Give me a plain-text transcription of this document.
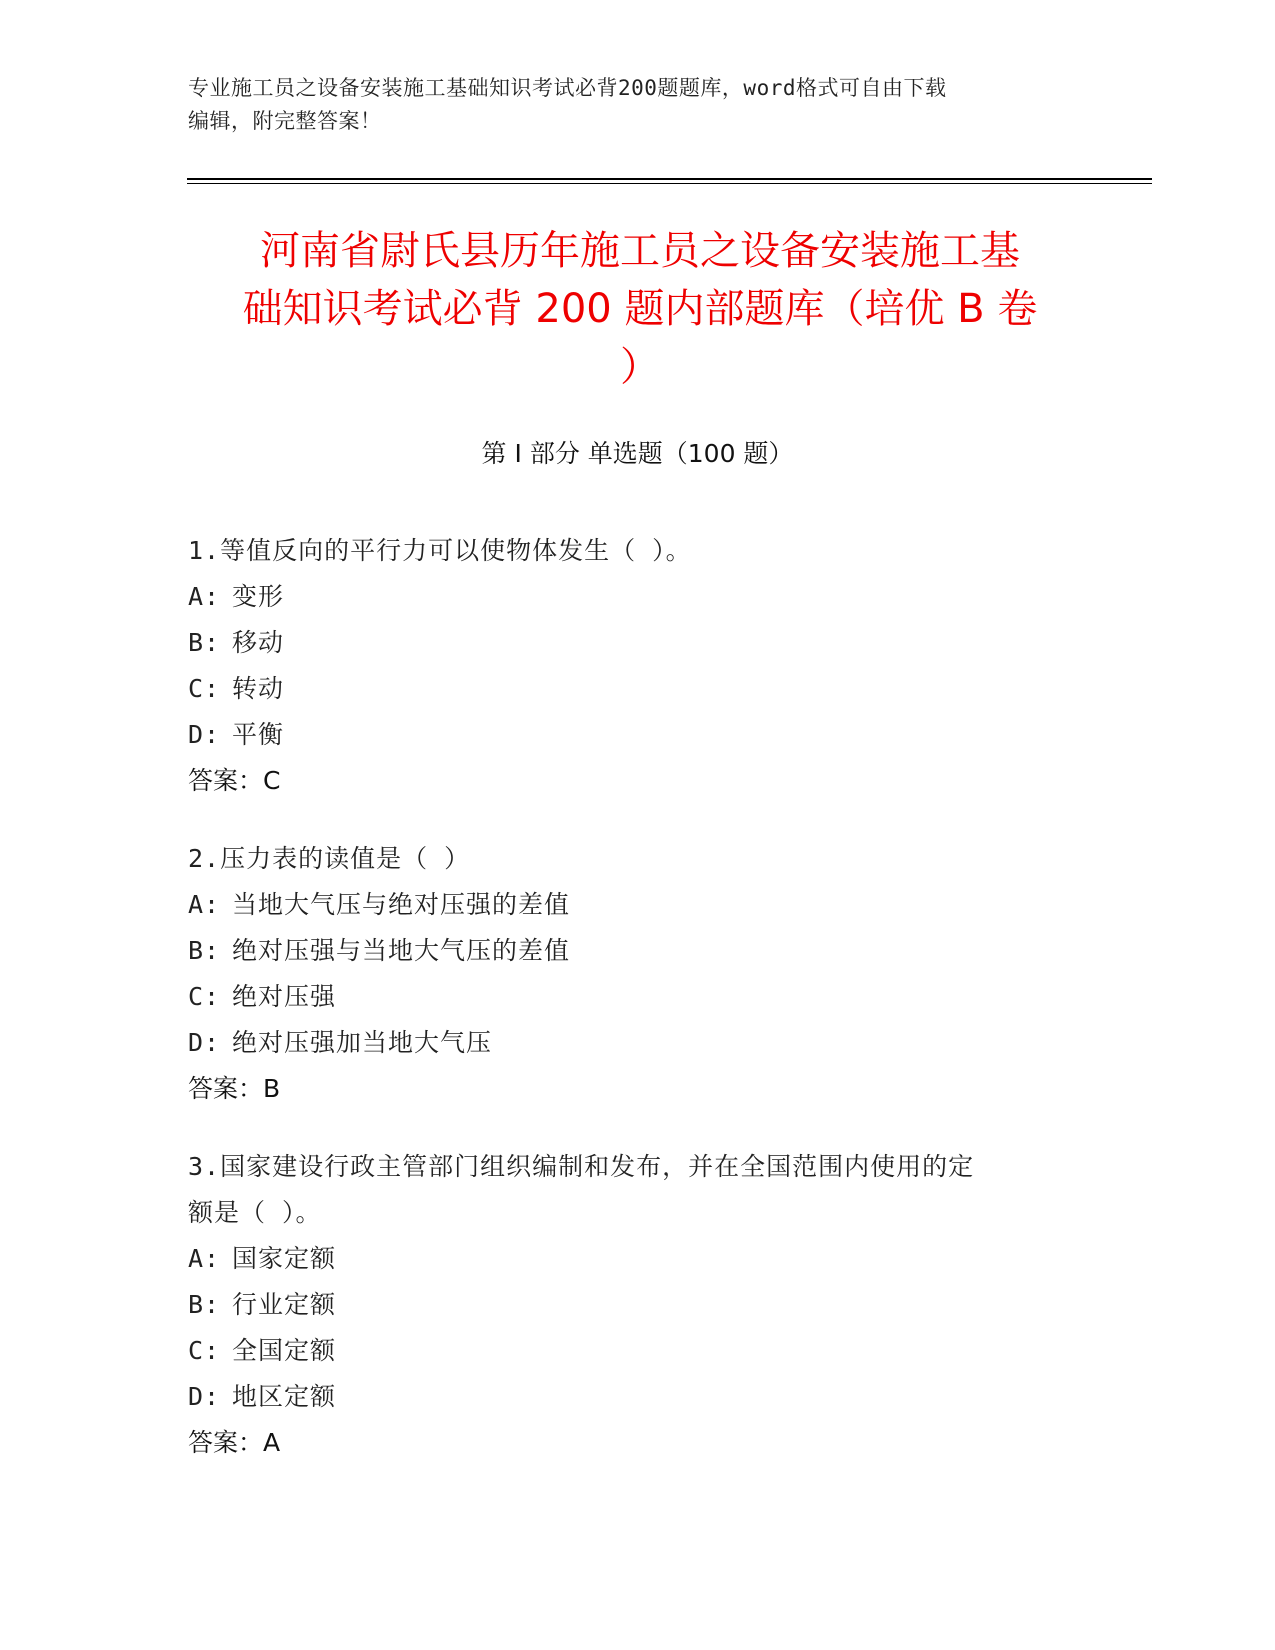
专业施工员之设备安装施工基础知识考试必背200题题库，word格式可自由下载
编辑，附完整答案！
河南省尉氏县历年施工员之设备安装施工基
础知识考试必背 200 题内部题库（培优 B 卷
）
第 I 部分 单选题（100 题）

1.等值反向的平行力可以使物体发生（ ）。

A: 变形

B: 移动

C: 转动

D: 平衡

答案：C

2.压力表的读值是（ ）

A: 当地大气压与绝对压强的差值

B: 绝对压强与当地大气压的差值

C: 绝对压强

D: 绝对压强加当地大气压

答案：B

3.国家建设行政主管部门组织编制和发布，并在全国范围内使用的定

额是（ ）。

A: 国家定额

B: 行业定额

C: 全国定额

D: 地区定额

答案：A
